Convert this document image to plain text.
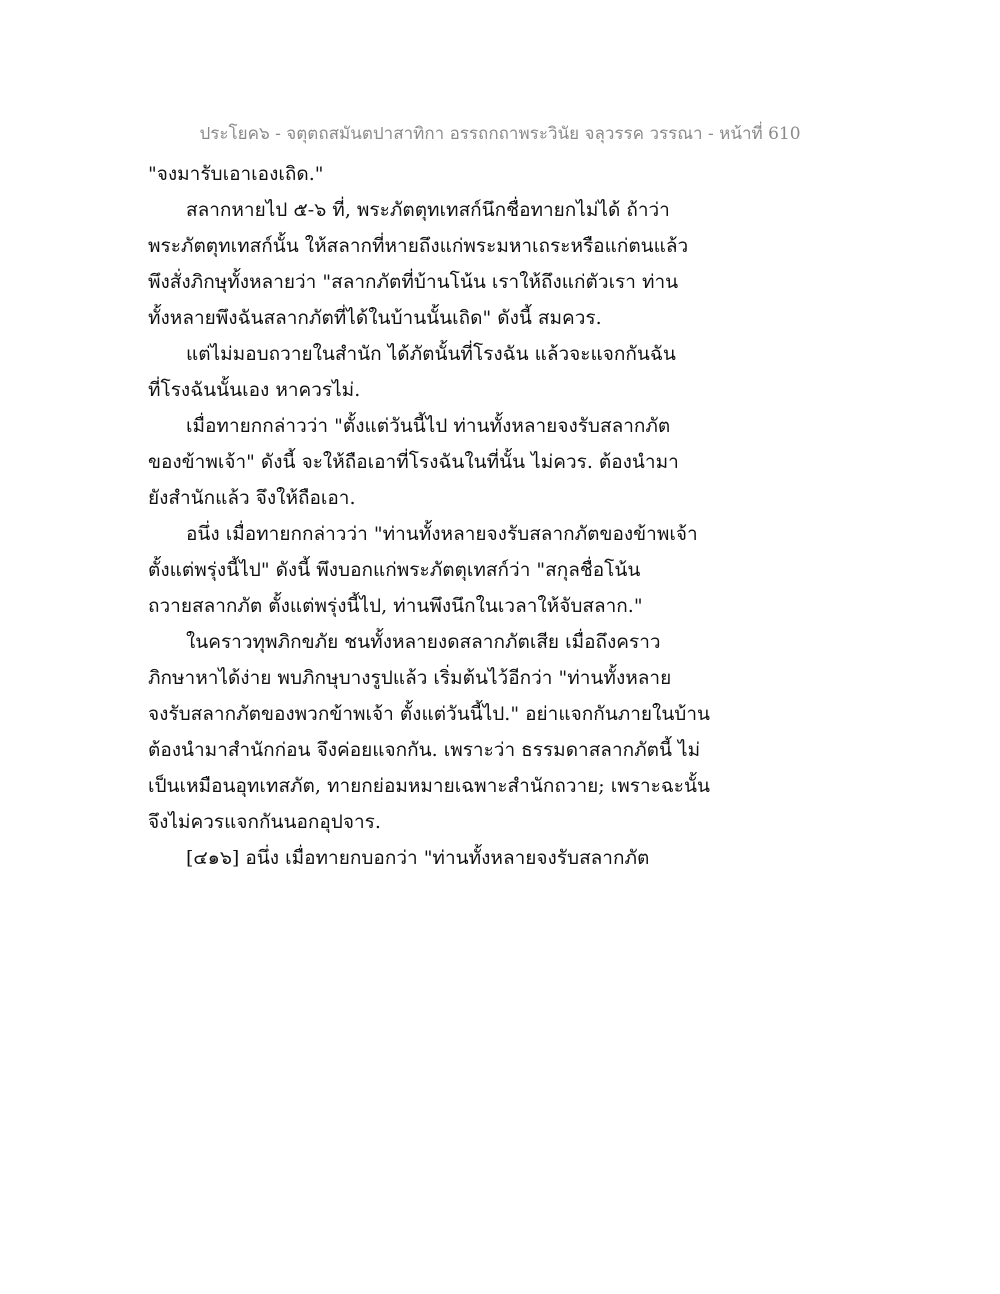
ประโยค๖ - จตุตถสมันตปาสาทิกา อรรถกถาพระวินัย จลุวรรค วรรณา - หน้าที่ 610
"จงมารับเอาเองเถิด."
สลากหายไป ๕-๖ ที่, พระภัตตุทเทสก์นึกชื่อทายกไม่ได้ ถ้าว่า
พระภัตตุทเทสก์นั้น ให้สลากที่หายถึงแก่พระมหาเถระหรือแก่ตนแล้ว
พึงสั่งภิกษุทั้งหลายว่า "สลากภัตที่บ้านโน้น เราให้ถึงแก่ตัวเรา ท่าน
ทั้งหลายพึงฉันสลากภัตที่ได้ในบ้านนั้นเถิด" ดังนี้ สมควร.
แต่ไม่มอบถวายในสำนัก ได้ภัตนั้นที่โรงฉัน แล้วจะแจกกันฉัน
ที่โรงฉันนั้นเอง หาควรไม่.
เมื่อทายกกล่าวว่า "ตั้งแต่วันนี้ไป ท่านทั้งหลายจงรับสลากภัต
ของข้าพเจ้า" ดังนี้ จะให้ถือเอาที่โรงฉันในที่นั้น ไม่ควร. ต้องนำมา
ยังสำนักแล้ว จึงให้ถือเอา.
อนึ่ง เมื่อทายกกล่าวว่า "ท่านทั้งหลายจงรับสลากภัตของข้าพเจ้า
ตั้งแต่พรุ่งนี้ไป" ดังนี้ พึงบอกแก่พระภัตตุเทสก์ว่า "สกุลชื่อโน้น
ถวายสลากภัต ตั้งแต่พรุ่งนี้ไป, ท่านพึงนึกในเวลาให้จับสลาก."
ในคราวทุพภิกขภัย ชนทั้งหลายงดสลากภัตเสีย เมื่อถึงคราว
ภิกษาหาได้ง่าย พบภิกษุบางรูปแล้ว เริ่มต้นไว้อีกว่า "ท่านทั้งหลาย
จงรับสลากภัตของพวกข้าพเจ้า ตั้งแต่วันนี้ไป." อย่าแจกกันภายในบ้าน
ต้องนำมาสำนักก่อน จึงค่อยแจกกัน. เพราะว่า ธรรมดาสลากภัตนี้ ไม่
เป็นเหมือนอุทเทสภัต, ทายกย่อมหมายเฉพาะสำนักถวาย; เพราะฉะนั้น
จึงไม่ควรแจกกันนอกอุปจาร.
[๔๑๖] อนึ่ง เมื่อทายกบอกว่า "ท่านทั้งหลายจงรับสลากภัต
